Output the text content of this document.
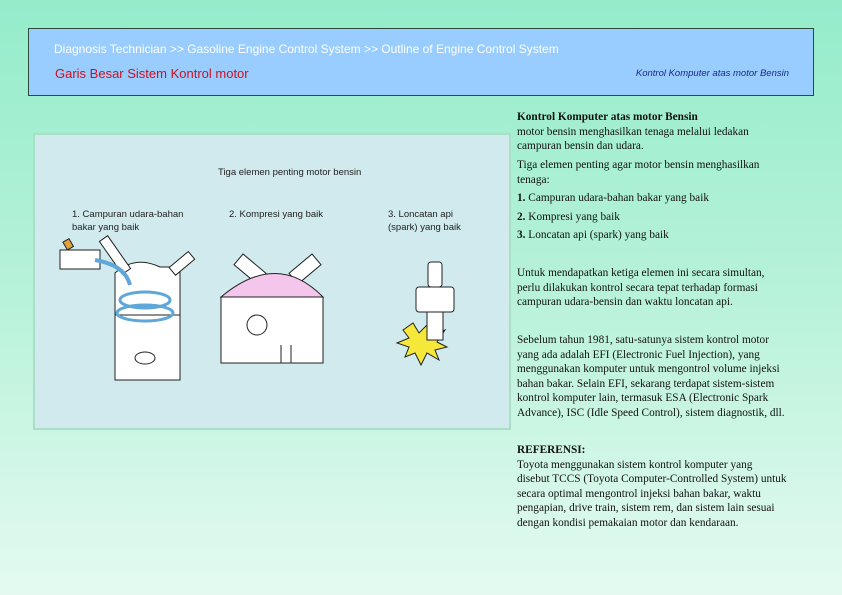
Diagnosis Technician >> Gasoline Engine Control System >> Outline of Engine Control System
Garis Besar Sistem Kontrol motor	Kontrol Komputer atas motor Bensin
Tiga elemen penting motor bensin
1. Campuran udara-bahan
bakar yang baik
2. Kompresi yang baik	3. Loncatan api
(spark) yang baik
Kontrol Komputer atas motor Bensin
motor bensin menghasilkan tenaga melalui ledakan
campuran bensin dan udara.
Tiga elemen penting agar motor bensin menghasilkan
tenaga:
1. Campuran udara-bahan bakar yang baik
2. Kompresi yang baik
3. Loncatan api (spark) yang baik
Untuk mendapatkan ketiga elemen ini secara simultan,
perlu dilakukan kontrol secara tepat terhadap formasi
campuran udara-bensin dan waktu loncatan api.
Sebelum tahun 1981, satu-satunya sistem kontrol motor
yang ada adalah EFI (Electronic Fuel Injection), yang
menggunakan komputer untuk mengontrol volume injeksi
bahan bakar. Selain EFI, sekarang terdapat sistem-sistem
kontrol komputer lain, termasuk ESA (Electronic Spark
Advance), ISC (Idle Speed Control), sistem diagnostik, dll.
REFERENSI:
Toyota menggunakan sistem kontrol komputer yang
disebut TCCS (Toyota Computer-Controlled System) untuk
secara optimal mengontrol injeksi bahan bakar, waktu
pengapian, drive train, sistem rem, dan sistem lain sesuai
dengan kondisi pemakaian motor dan kendaraan.
